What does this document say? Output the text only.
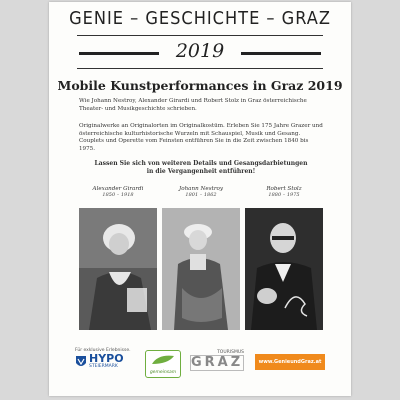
GENIE – GESCHICHTE – GRAZ
2019
Mobile Kunstperformances in Graz 2019
Wie Johann Nestroy, Alexander Girardi und Robert Stolz in Graz österreichische Theater- und Musikgeschichte schrieben.
Originalwerke an Originalorten im Originalkostüm. Erleben Sie 175 Jahre Grazer und österreichische kulturhistorische Wurzeln mit Schauspiel, Musik und Gesang. Couplets und Operette vom Feinsten entführen Sie in die Zeit zwischen 1840 bis 1975.
Lassen Sie sich von weiteren Details und Gesangsdarbietungen
in die Vergangenheit entführen!
Alexander Girardi
1850 – 1918
Johann Nestroy
1801 – 1862
Robert Stolz
1880 – 1975
Für exklusive Erlebnisse.
HYPO
STEIERMARK
gemeinsam
TOURISMUS
GRAZ	www.GenieundGraz.at
